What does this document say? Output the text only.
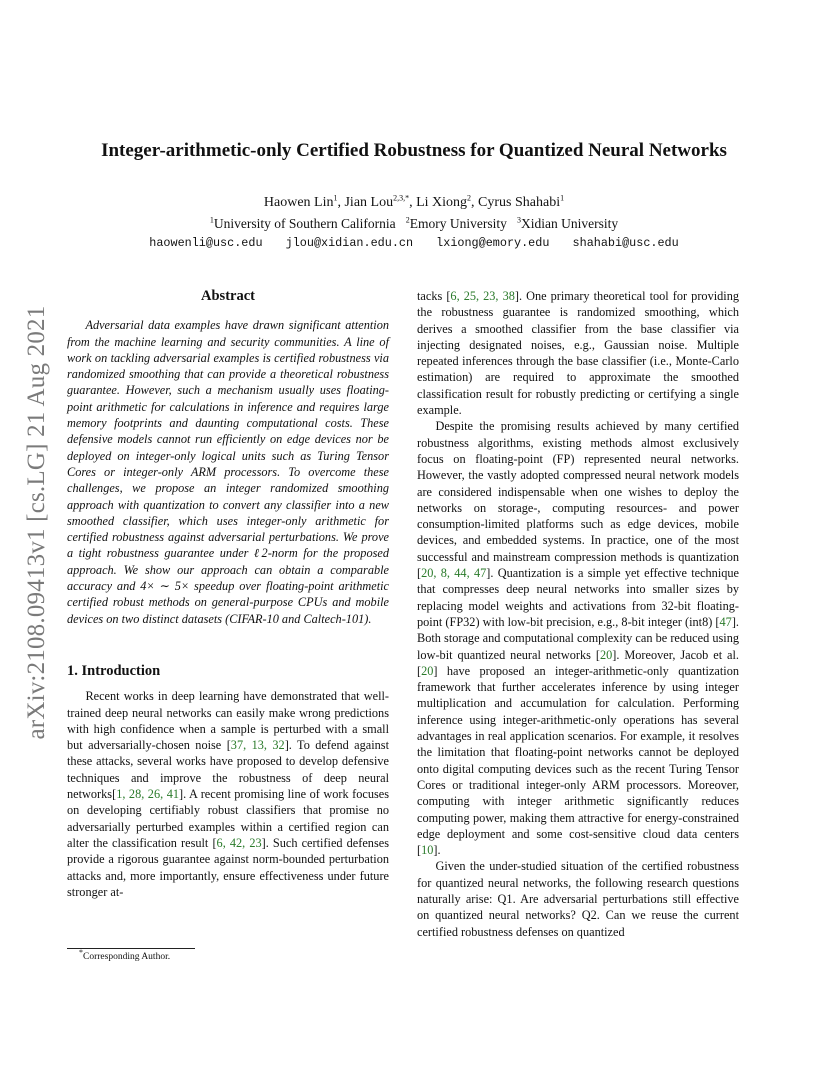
arXiv:2108.09413v1 [cs.LG] 21 Aug 2021
Integer-arithmetic-only Certified Robustness for Quantized Neural Networks
Haowen Lin$^1$, Jian Lou$^{2,3,*}$, Li Xiong$^2$, Cyrus Shahabi$^1$
$^1$University of Southern California $^2$Emory University $^3$Xidian University
haowenli@usc.edu jlou@xidian.edu.cn lxiong@emory.edu shahabi@usc.edu
Abstract

Adversarial data examples have drawn significant attention from the machine learning and security communities. A line of work on tackling adversarial examples is certified robustness via randomized smoothing that can provide a theoretical robustness guarantee. However, such a mechanism usually uses floating-point arithmetic for calculations in inference and requires large memory footprints and daunting computational costs. These defensive models cannot run efficiently on edge devices nor be deployed on integer-only logical units such as Turing Tensor Cores or integer-only ARM processors. To overcome these challenges, we propose an integer randomized smoothing approach with quantization to convert any classifier into a new smoothed classifier, which uses integer-only arithmetic for certified robustness against adversarial perturbations. We prove a tight robustness guarantee under ℓ2-norm for the proposed approach. We show our approach can obtain a comparable accuracy and 4× ∼ 5× speedup over floating-point arithmetic certified robust methods on general-purpose CPUs and mobile devices on two distinct datasets (CIFAR-10 and Caltech-101).

1. Introduction

Recent works in deep learning have demonstrated that well-trained deep neural networks can easily make wrong predictions with high confidence when a sample is perturbed with a small but adversarially-chosen noise [37, 13, 32]. To defend against these attacks, several works have proposed to develop defensive techniques and improve the robustness of deep neural networks[1, 28, 26, 41]. A recent promising line of work focuses on developing certifiably robust classifiers that promise no adversarially perturbed examples within a certified region can alter the classification result [6, 42, 23]. Such certified defenses provide a rigorous guarantee against norm-bounded perturbation attacks and, more importantly, ensure effectiveness under future stronger at-

tacks [6, 25, 23, 38]. One primary theoretical tool for providing the robustness guarantee is randomized smoothing, which derives a smoothed classifier from the base classifier via injecting designated noises, e.g., Gaussian noise. Multiple repeated inferences through the base classifier (i.e., Monte-Carlo estimation) are required to approximate the smoothed classification result for robustly predicting or certifying a single example.

Despite the promising results achieved by many certified robustness algorithms, existing methods almost exclusively focus on floating-point (FP) represented neural networks. However, the vastly adopted compressed neural network models are considered indispensable when one wishes to deploy the networks on storage-, computing resources- and power consumption-limited platforms such as edge devices, mobile devices, and embedded systems. In practice, one of the most successful and mainstream compression methods is quantization [20, 8, 44, 47]. Quantization is a simple yet effective technique that compresses deep neural networks into smaller sizes by replacing model weights and activations from 32-bit floating-point (FP32) with low-bit precision, e.g., 8-bit integer (int8) [47]. Both storage and computational complexity can be reduced using low-bit quantized neural networks [20]. Moreover, Jacob et al. [20] have proposed an integer-arithmetic-only quantization framework that further accelerates inference by using integer multiplication and accumulation for calculation. Performing inference using integer-arithmetic-only operations has several advantages in real application scenarios. For example, it resolves the limitation that floating-point networks cannot be deployed onto digital computing devices such as the recent Turing Tensor Cores or traditional integer-only ARM processors. Moreover, computing with integer arithmetic significantly reduces computing power, making them attractive for energy-constrained edge deployment and some cost-sensitive cloud data centers [10].

Given the under-studied situation of the certified robustness for quantized neural networks, the following research questions naturally arise: Q1. Are adversarial perturbations still effective on quantized neural networks? Q2. Can we reuse the current certified robustness defenses on quantized

*Corresponding Author.
